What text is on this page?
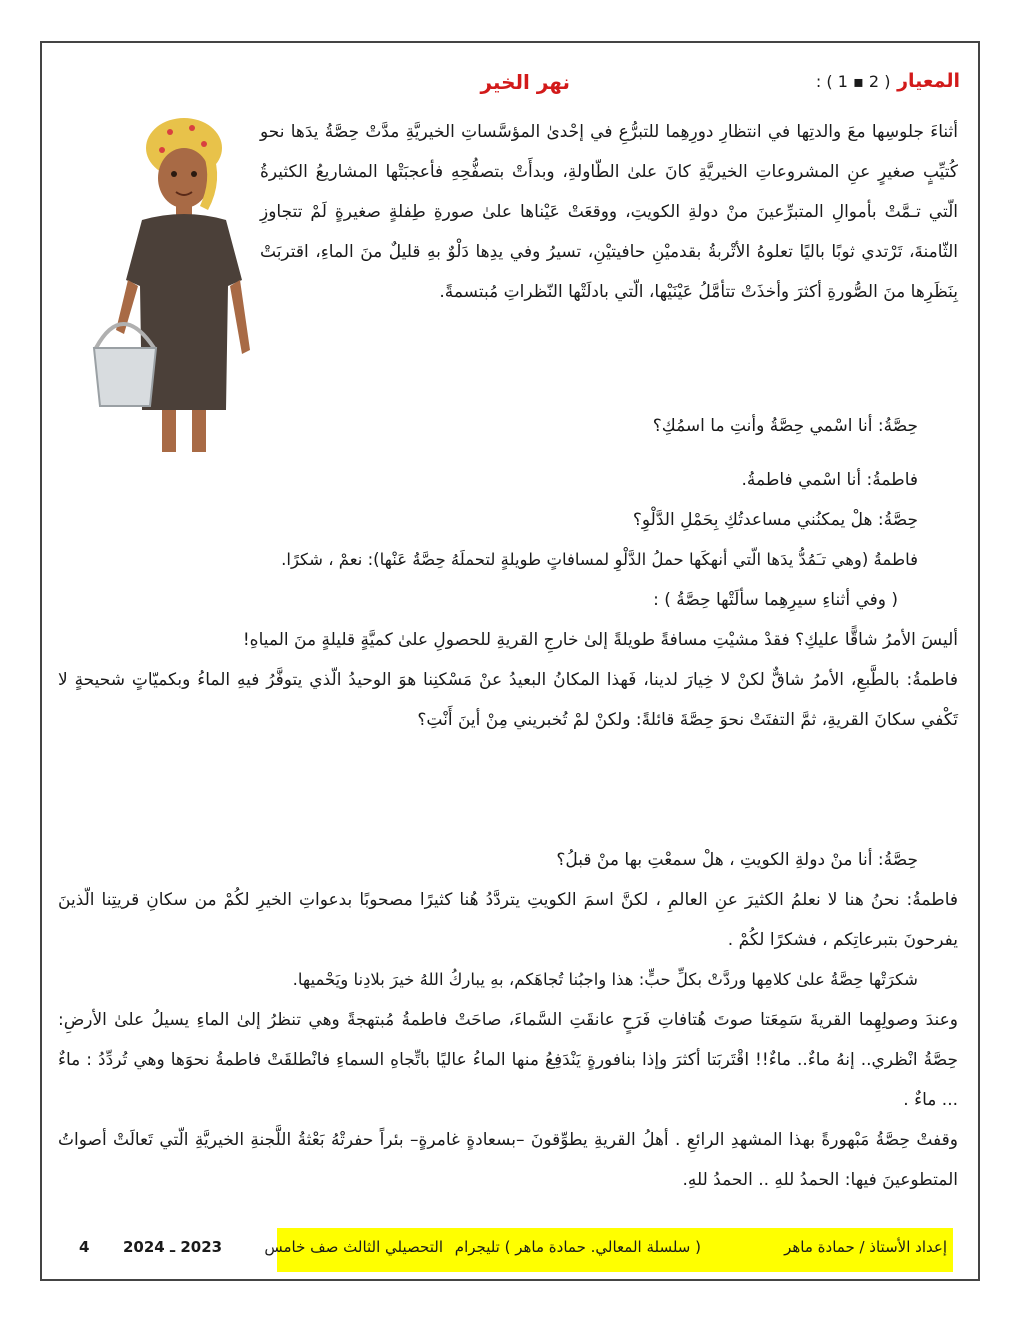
المعيار ( 2 ▪ 1 ) :
نهر الخير

أثناءَ جلوسِها معَ والدتِها في انتظارِ دورِهِما للتبرُّعِ في إحْدىٰ المؤسَّساتِ الخيريَّةِ مدَّتْ حِصَّةُ يدَها نحو كُتيِّبٍ صغيرٍ عنِ المشروعاتِ الخيريَّةِ كانَ علىٰ الطّاولةِ، وبدأَتْ بتصفُّحِهِ فأعجبَتْها المشاريعُ الكثيرةُ الّتي تـمَّتْ بأموالِ المتبرِّعينَ منْ دولةِ الكويتِ، ووقعَتْ عَيْناها علىٰ صورةِ طِفلةٍ صغيرةٍ لَمْ تتجاوزِ الثّامنةَ، تَرْتدي ثوبًا باليًا تعلوهُ الأتْربةُ بقدميْنِ حافيتيْنِ، تسيرُ وفي يدِها دَلْوٌ بهِ قليلٌ منَ الماءِ، اقتربَتْ بِنَظَرِها منَ الصُّورةِ أكثرَ وأخذَتْ تتأمَّلُ عَيْنَيْها، الّتي بادلَتْها النّظراتِ مُبتسمةً.

حِصَّةُ: أنا اسْمي حِصَّةُ وأنتِ ما اسمُكِ؟

فاطمةُ: أنا اسْمي فاطمةُ.

حِصَّةُ: هلْ يمكنُني مساعدتُكِ بِحَمْلِ الدَّلْوِ؟

فاطمةُ (وهي تـَمُدُّ يدَها الّتي أنهكَها حملُ الدَّلْوِ لمسافاتٍ طويلةٍ لتحملَهُ حِصَّةُ عَنْها): نعمْ ، شكرًا.

( وفي أثناءِ سيرِهِما سألَتْها حِصَّةُ ) :

أليسَ الأمرُ شاقًّا عليكِ؟ فقدْ مشيْتِ مسافةً طويلةً إلىٰ خارجِ القريةِ للحصولِ علىٰ كميَّةٍ قليلةٍ منَ المياهِ!

فاطمةُ: بالطَّبعِ، الأمرُ شاقٌّ لكنْ لا خِيارَ لدينا، فَهذا المكانُ البعيدُ عنْ مَسْكنِنا هوَ الوحيدُ الّذي يتوفَّرُ فيهِ الماءُ وبكميّاتٍ شحيحةٍ لا تَكْفي سكانَ القريةِ، ثمَّ التفتَتْ نحوَ حِصَّةَ قائلةً: ولكنْ لمْ تُخبريني مِنْ أينَ أَنْتِ؟

حِصَّةُ: أنا منْ دولةِ الكويتِ ، هلْ سمعْتِ بها منْ قبلُ؟

فاطمةُ: نحنُ هنا لا نعلمُ الكثيرَ عنِ العالمِ ، لكنَّ اسمَ الكويتِ يتردَّدُ هُنا كثيرًا مصحوبًا بدعواتِ الخيرِ لكُمْ من سكانِ قريتِنا الّذينَ يفرحونَ بتبرعاتِكم ، فشكرًا لكُمْ .

شكرَتْها حِصَّةُ علىٰ كلامِها وردَّتْ بكلِّ حبٍّ: هذا واجبُنا تُجاهَكم، بهِ يباركُ اللهُ خيرَ بلادِنا ويَحْميها.

وعندَ وصولِهِما القريةَ سَمِعَتا صوتَ هُتافاتِ فَرَحٍ عانقَتِ السَّماءَ، صاحَتْ فاطمةُ مُبتهجةً وهي تنظرُ إلىٰ الماءِ يسيلُ علىٰ الأرضِ: حِصَّةُ انْظري.. إنهُ ماءٌ.. ماءٌ!! اقْتَربَتا أكثرَ وإذا بنافورةٍ يَنْدَفِعُ منها الماءُ عاليًا باتِّجاهِ السماءِ فانْطلقَتْ فاطمةُ نحوَها وهي تُردِّدُ : ماءٌ ... ماءٌ .

وقفتْ حِصَّةُ مَبْهورةً بهذا المشهدِ الرائعِ . أهلُ القريةِ يطوِّقونَ –بسعادةٍ غامرةٍ– بئراً حفرتْهُ بَعْثةُ اللَّجنةِ الخيريَّةِ الّتي تَعالَتْ أصواتُ المتطوعينَ فيها: الحمدُ للهِ .. الحمدُ للهِ.

إعداد الأستاذ / حمادة ماهر
( سلسلة المعالي. حمادة ماهر ) تليجرام
التحصيلي الثالث صف خامس
2023 ـ 2024
4
